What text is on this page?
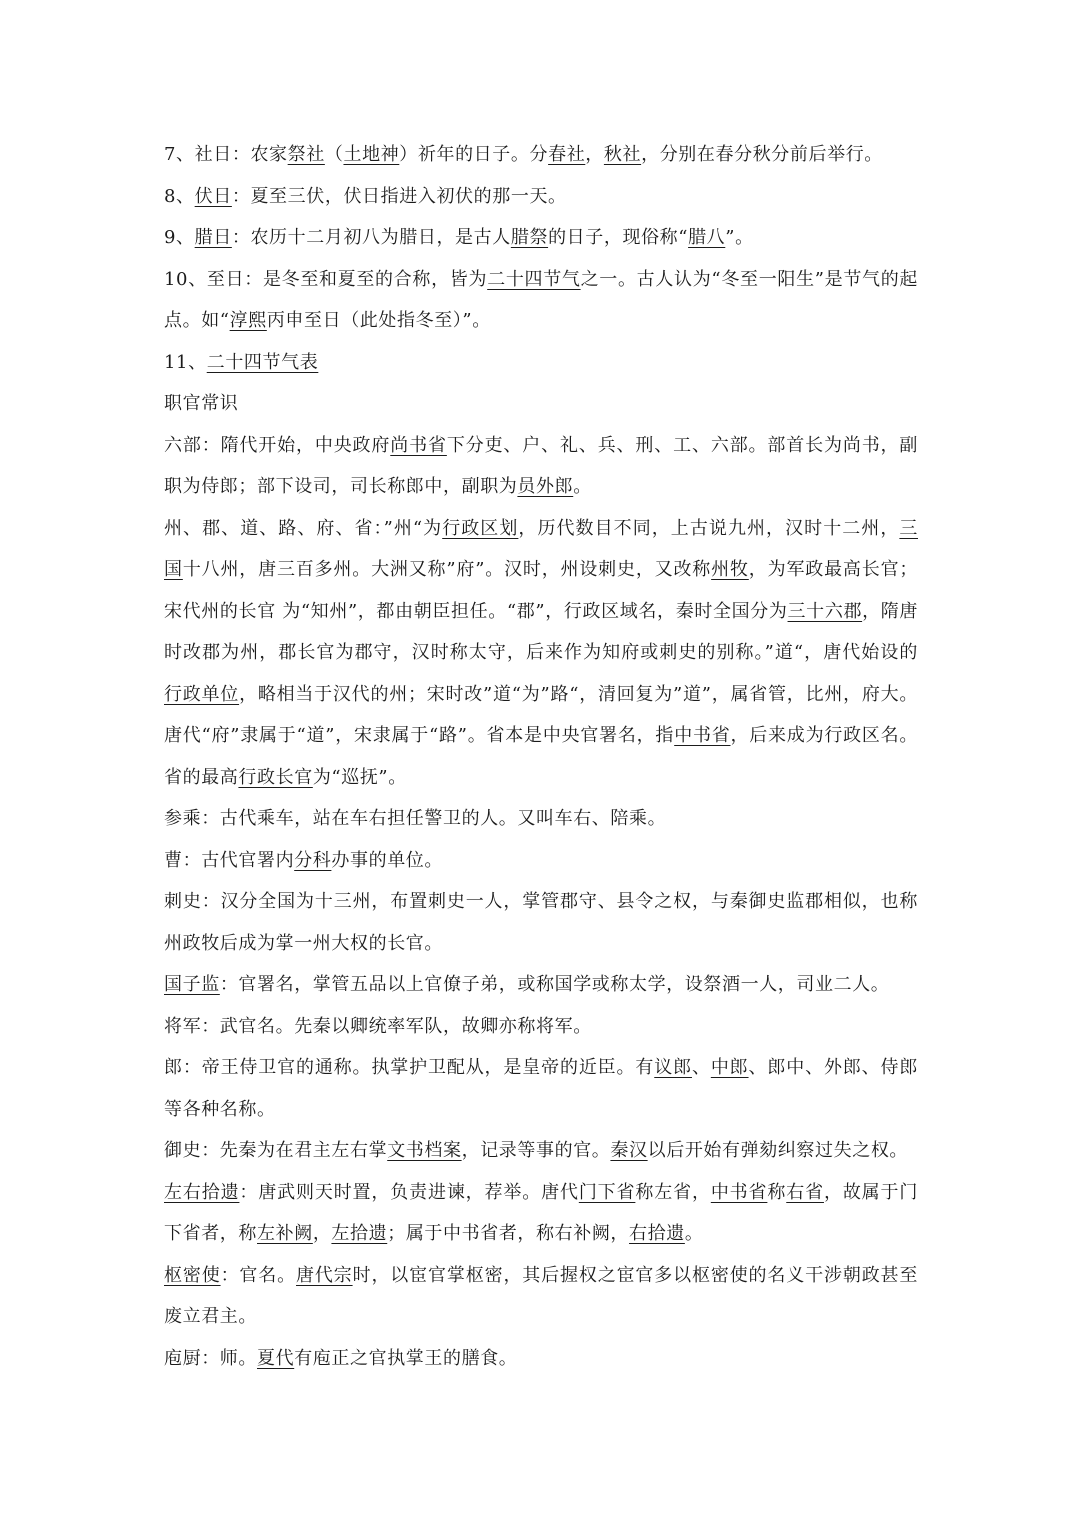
7、社日：农家祭社（土地神）祈年的日子。分春社，秋社，分别在春分秋分前后举行。

8、伏日：夏至三伏，伏日指进入初伏的那一天。

9、腊日：农历十二月初八为腊日，是古人腊祭的日子，现俗称“腊八”。

10、至日：是冬至和夏至的合称，皆为二十四节气之一。古人认为“冬至一阳生”是节气的起点。如“淳熙丙申至日（此处指冬至）”。

11、二十四节气表

职官常识

六部：隋代开始，中央政府尚书省下分吏、户、礼、兵、刑、工、六部。部首长为尚书，副职为侍郎；部下设司，司长称郎中，副职为员外郎。

州、郡、道、路、府、省：”州“为行政区划，历代数目不同，上古说九州，汉时十二州，三国十八州，唐三百多州。大洲又称”府”。汉时，州设刺史，又改称州牧，为军政最高长官；宋代州的长官 为“知州”，都由朝臣担任。“郡”，行政区域名，秦时全国分为三十六郡，隋唐时改郡为州，郡长官为郡守，汉时称太守，后来作为知府或刺史的别称。”道“，唐代始设的行政单位，略相当于汉代的州；宋时改”道“为”路“，清回复为”道”，属省管，比州，府大。唐代“府”隶属于“道”，宋隶属于“路”。省本是中央官署名，指中书省，后来成为行政区名。省的最高行政长官为“巡抚”。

参乘：古代乘车，站在车右担任警卫的人。又叫车右、陪乘。

曹：古代官署内分科办事的单位。

刺史：汉分全国为十三州，布置刺史一人，掌管郡守、县令之权，与秦御史监郡相似，也称州政牧后成为掌一州大权的长官。

国子监：官署名，掌管五品以上官僚子弟，或称国学或称太学，设祭酒一人，司业二人。

将军：武官名。先秦以卿统率军队，故卿亦称将军。

郎：帝王侍卫官的通称。执掌护卫配从，是皇帝的近臣。有议郎、中郎、郎中、外郎、侍郎等各种名称。

御史：先秦为在君主左右掌文书档案，记录等事的官。秦汉以后开始有弹劾纠察过失之权。

左右拾遗：唐武则天时置，负责进谏，荐举。唐代门下省称左省，中书省称右省，故属于门下省者，称左补阙，左拾遗；属于中书省者，称右补阙，右拾遗。

枢密使：官名。唐代宗时，以宦官掌枢密，其后握权之宦官多以枢密使的名义干涉朝政甚至废立君主。

庖厨：师。夏代有庖正之官执掌王的膳食。
